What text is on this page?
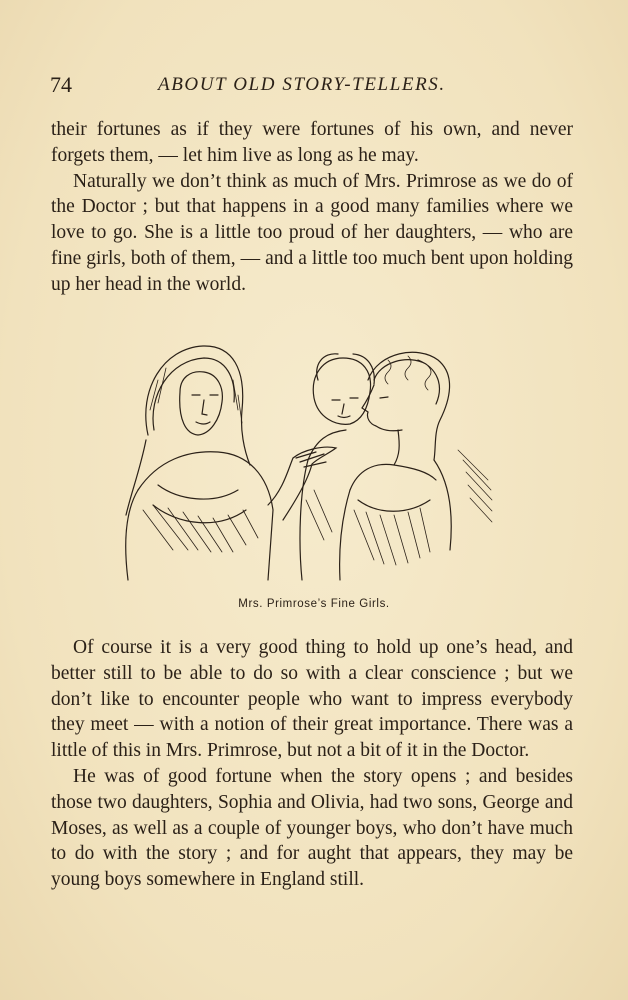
74	ABOUT OLD STORY-TELLERS.

their fortunes as if they were fortunes of his own, and never forgets them, — let him live as long as he may.

Naturally we don’t think as much of Mrs. Primrose as we do of the Doctor ; but that happens in a good many families where we love to go. She is a little too proud of her daughters, — who are fine girls, both of them, — and a little too much bent upon holding up her head in the world.

Mrs. Primrose’s Fine Girls.

Of course it is a very good thing to hold up one’s head, and better still to be able to do so with a clear conscience ; but we don’t like to encounter people who want to impress everybody they meet — with a notion of their great importance. There was a little of this in Mrs. Primrose, but not a bit of it in the Doctor.

He was of good fortune when the story opens ; and besides those two daughters, Sophia and Olivia, had two sons, George and Moses, as well as a couple of younger boys, who don’t have much to do with the story ; and for aught that appears, they may be young boys somewhere in England still.
